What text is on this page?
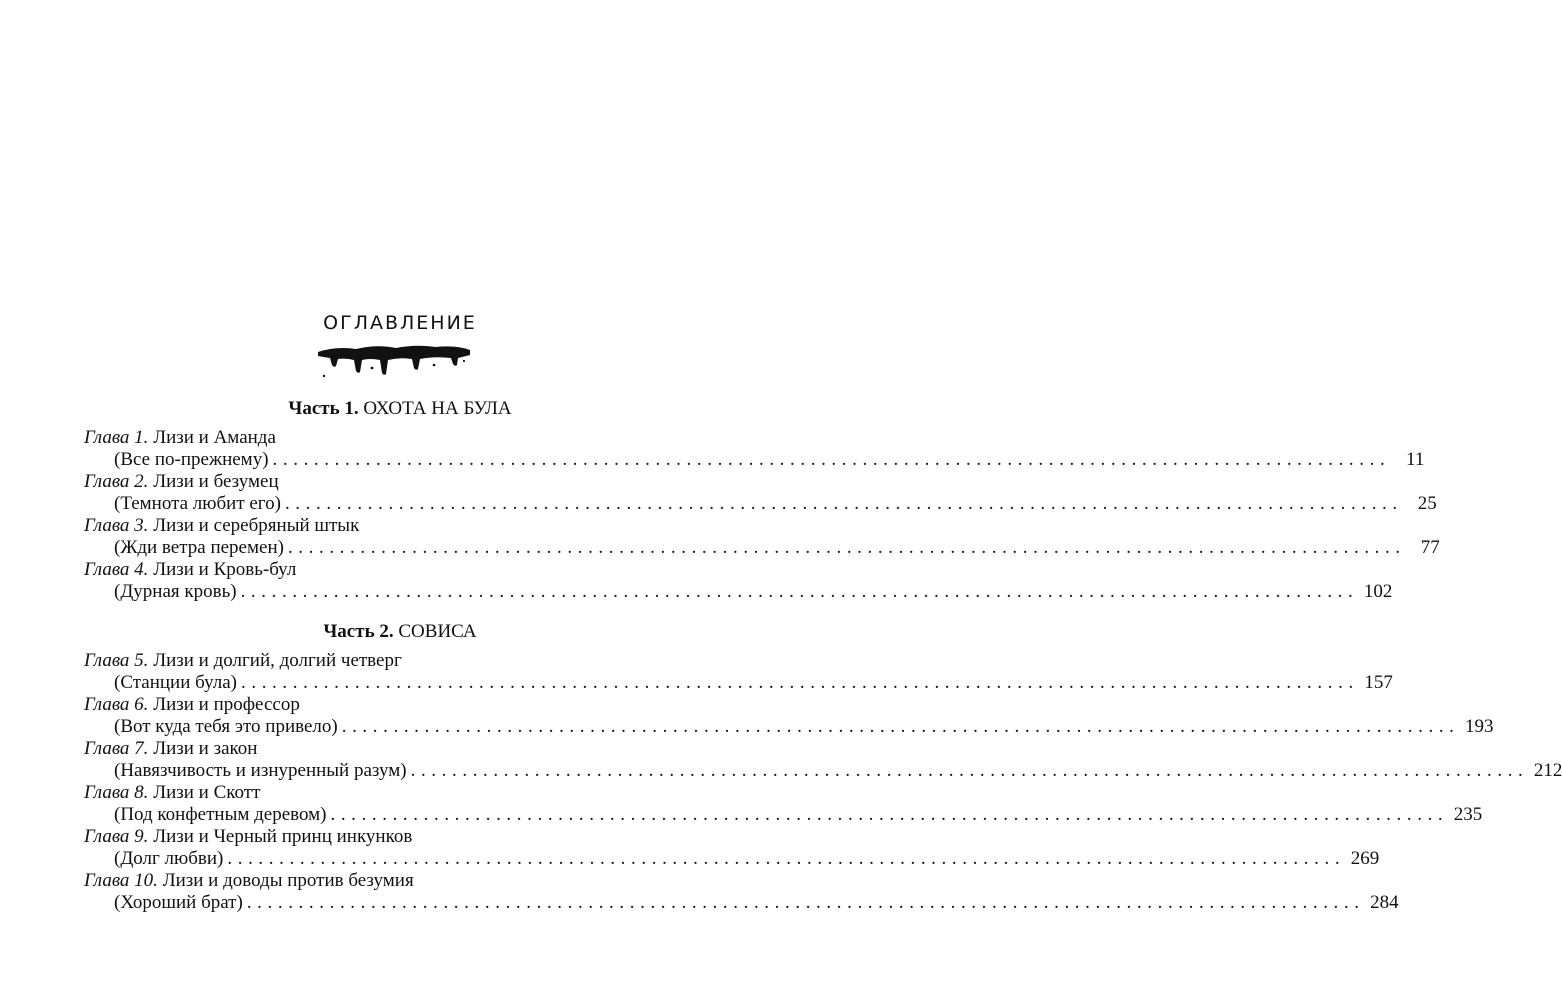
ОГЛАВЛЕНИЕ
Часть 1. ОХОТА НА БУЛА
Глава 1. Лизи и Аманда
(Все по-прежнему) ............................................................................................................ 11
Глава 2. Лизи и безумец
(Темнота любит его) ............................................................................................................ 25
Глава 3. Лизи и серебряный штык
(Жди ветра перемен) ............................................................................................................ 77
Глава 4. Лизи и Кровь-бул
(Дурная кровь) ............................................................................................................ 102
Часть 2. СОВИСА
Глава 5. Лизи и долгий, долгий четверг
(Станции була) ............................................................................................................ 157
Глава 6. Лизи и профессор
(Вот куда тебя это привело) ............................................................................................................ 193
Глава 7. Лизи и закон
(Навязчивость и изнуренный разум) ............................................................................................................ 212
Глава 8. Лизи и Скотт
(Под конфетным деревом) ............................................................................................................ 235
Глава 9. Лизи и Черный принц инкунков
(Долг любви) ............................................................................................................ 269
Глава 10. Лизи и доводы против безумия
(Хороший брат) ............................................................................................................ 284
